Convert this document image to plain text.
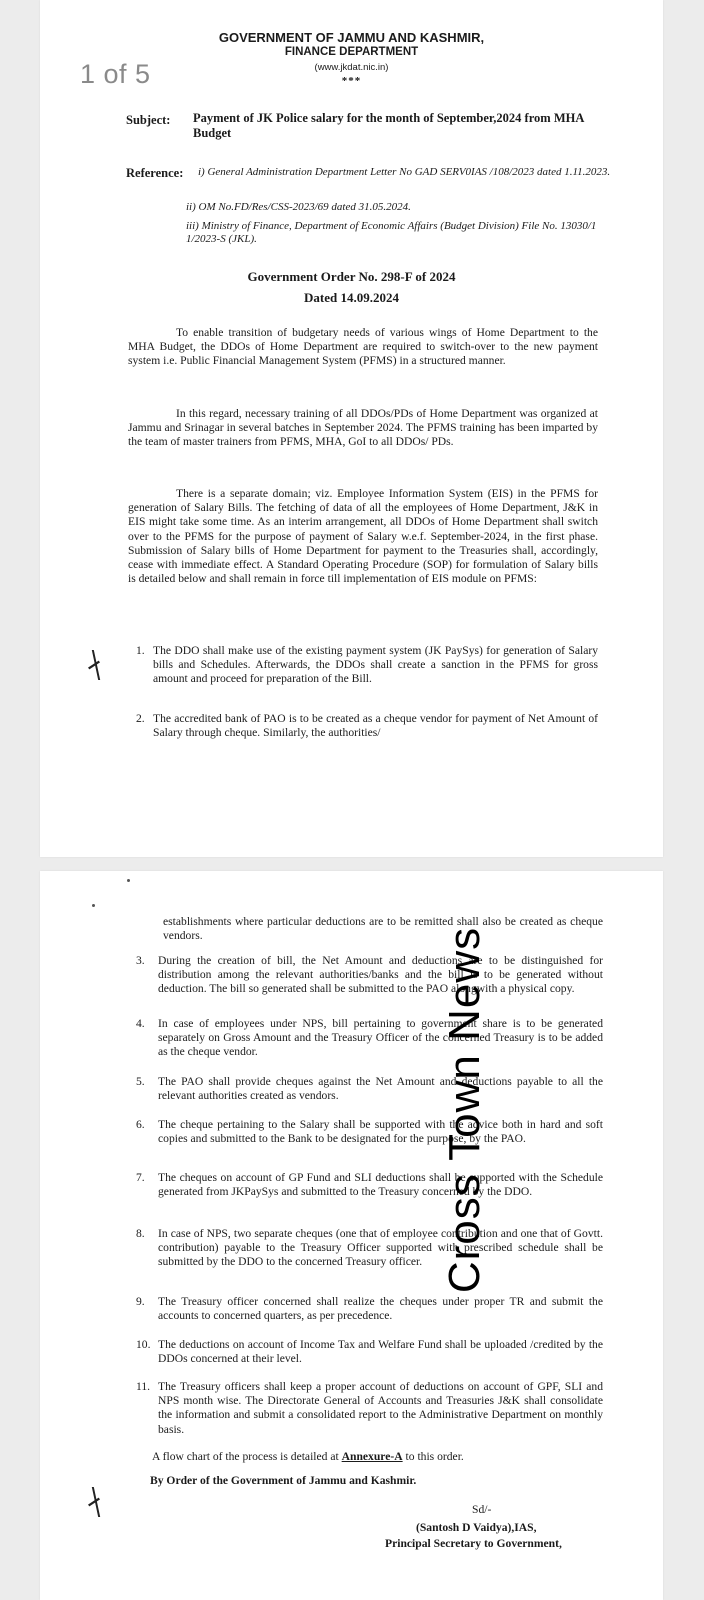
GOVERNMENT OF JAMMU AND KASHMIR,
FINANCE DEPARTMENT
(www.jkdat.nic.in)
***
Subject: Payment of JK Police salary for the month of September,2024 from MHA Budget
Reference: i) General Administration Department Letter No GAD SERV0IAS /108/2023 dated 1.11.2023.
ii) OM No.FD/Res/CSS-2023/69 dated 31.05.2024.
iii) Ministry of Finance, Department of Economic Affairs (Budget Division) File No. 13030/1 1/2023-S (JKL).
Government Order No. 298-F of 2024
Dated 14.09.2024
To enable transition of budgetary needs of various wings of Home Department to the MHA Budget, the DDOs of Home Department are required to switch-over to the new payment system i.e. Public Financial Management System (PFMS) in a structured manner.
In this regard, necessary training of all DDOs/PDs of Home Department was organized at Jammu and Srinagar in several batches in September 2024. The PFMS training has been imparted by the team of master trainers from PFMS, MHA, GoI to all DDOs/ PDs.
There is a separate domain; viz. Employee Information System (EIS) in the PFMS for generation of Salary Bills. The fetching of data of all the employees of Home Department, J&K in EIS might take some time. As an interim arrangement, all DDOs of Home Department shall switch over to the PFMS for the purpose of payment of Salary w.e.f. September-2024, in the first phase. Submission of Salary bills of Home Department for payment to the Treasuries shall, accordingly, cease with immediate effect. A Standard Operating Procedure (SOP) for formulation of Salary bills is detailed below and shall remain in force till implementation of EIS module on PFMS:
1. The DDO shall make use of the existing payment system (JK PaySys) for generation of Salary bills and Schedules. Afterwards, the DDOs shall create a sanction in the PFMS for gross amount and proceed for preparation of the Bill.
2. The accredited bank of PAO is to be created as a cheque vendor for payment of Net Amount of Salary through cheque. Similarly, the authorities/
1 of 5
establishments where particular deductions are to be remitted shall also be created as cheque vendors.
3. During the creation of bill, the Net Amount and deductions are to be distinguished for distribution among the relevant authorities/banks and the bill is to be generated without deduction. The bill so generated shall be submitted to the PAO alongwith a physical copy.
4. In case of employees under NPS, bill pertaining to government share is to be generated separately on Gross Amount and the Treasury Officer of the concerned Treasury is to be added as the cheque vendor.
5. The PAO shall provide cheques against the Net Amount and deductions payable to all the relevant authorities created as vendors.
6. The cheque pertaining to the Salary shall be supported with the advice both in hard and soft copies and submitted to the Bank to be designated for the purpose, by the PAO.
7. The cheques on account of GP Fund and SLI deductions shall be supported with the Schedule generated from JKPaySys and submitted to the Treasury concerned by the DDO.
8. In case of NPS, two separate cheques (one that of employee contribution and one that of Govtt. contribution) payable to the Treasury Officer supported with prescribed schedule shall be submitted by the DDO to the concerned Treasury officer.
9. The Treasury officer concerned shall realize the cheques under proper TR and submit the accounts to concerned quarters, as per precedence.
10. The deductions on account of Income Tax and Welfare Fund shall be uploaded /credited by the DDOs concerned at their level.
11. The Treasury officers shall keep a proper account of deductions on account of GPF, SLI and NPS month wise. The Directorate General of Accounts and Treasuries J&K shall consolidate the information and submit a consolidated report to the Administrative Department on monthly basis.
A flow chart of the process is detailed at Annexure-A to this order.
By Order of the Government of Jammu and Kashmir.
Sd/-
(Santosh D Vaidya),IAS,
Principal Secretary to Government,
Cross Town News
